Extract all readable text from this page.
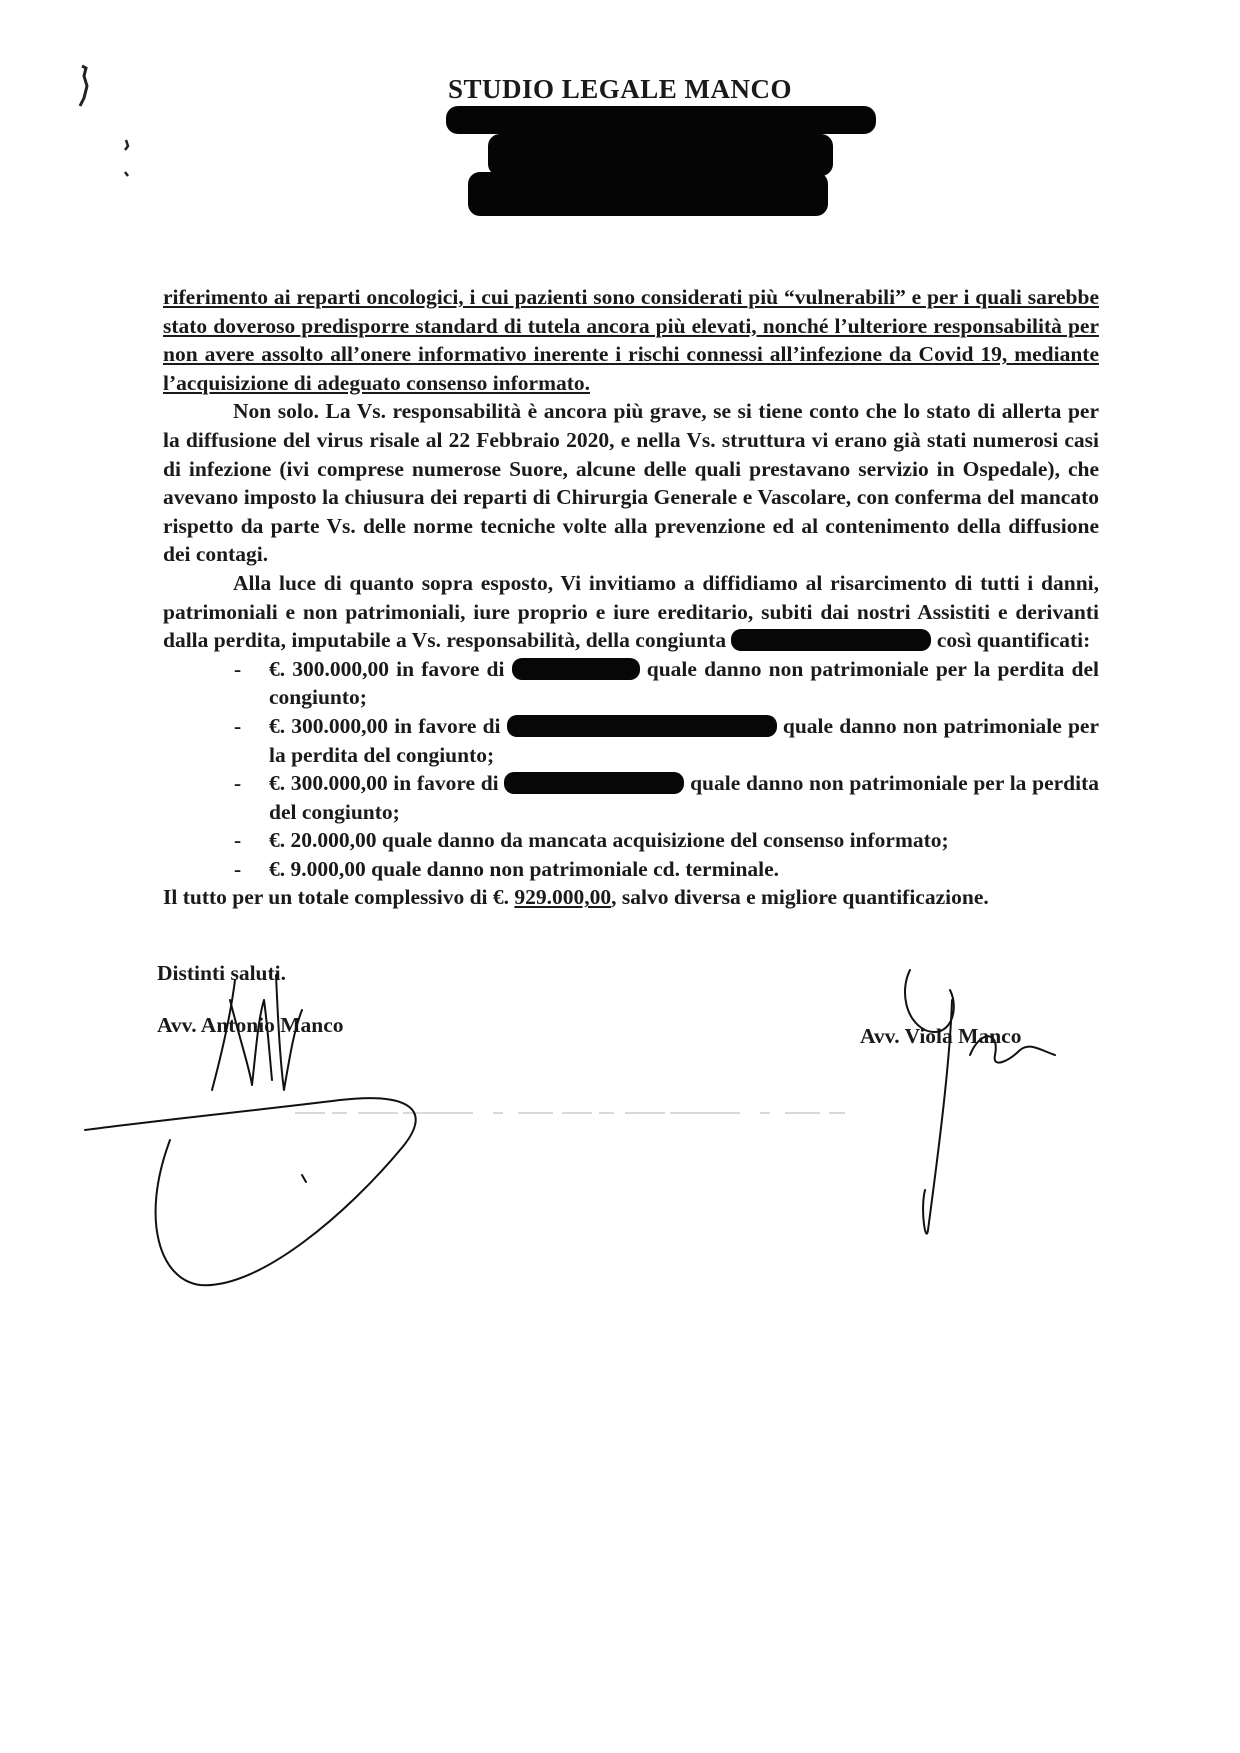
STUDIO LEGALE MANCO

riferimento ai reparti oncologici, i cui pazienti sono considerati più “vulnerabili” e per i quali sarebbe stato doveroso predisporre standard di tutela ancora più elevati, nonché l’ulteriore responsabilità per non avere assolto all’onere informativo inerente i rischi connessi all’infezione da Covid 19, mediante l’acquisizione di adeguato consenso informato.

Non solo. La Vs. responsabilità è ancora più grave, se si tiene conto che lo stato di allerta per la diffusione del virus risale al 22 Febbraio 2020, e nella Vs. struttura vi erano già stati numerosi casi di infezione (ivi comprese numerose Suore, alcune delle quali prestavano servizio in Ospedale), che avevano imposto la chiusura dei reparti di Chirurgia Generale e Vascolare, con conferma del mancato rispetto da parte Vs. delle norme tecniche volte alla prevenzione ed al contenimento della diffusione dei contagi.

Alla luce di quanto sopra esposto, Vi invitiamo a diffidiamo al risarcimento di tutti i danni, patrimoniali e non patrimoniali, iure proprio e iure ereditario, subiti dai nostri Assistiti e derivanti dalla perdita, imputabile a Vs. responsabilità, della congiunta	così quantificati:

- €. 300.000,00 in favore di	quale danno non patrimoniale per la perdita del congiunto;
- €. 300.000,00 in favore di	quale danno non patrimoniale per la perdita del congiunto;
- €. 300.000,00 in favore di	quale danno non patrimoniale per la perdita del congiunto;
- €. 20.000,00 quale danno da mancata acquisizione del consenso informato;
- €. 9.000,00 quale danno non patrimoniale cd. terminale.

Il tutto per un totale complessivo di €. 929.000,00, salvo diversa e migliore quantificazione.

Distinti saluti.
Avv. Antonio Manco	Avv. Viola Manco
